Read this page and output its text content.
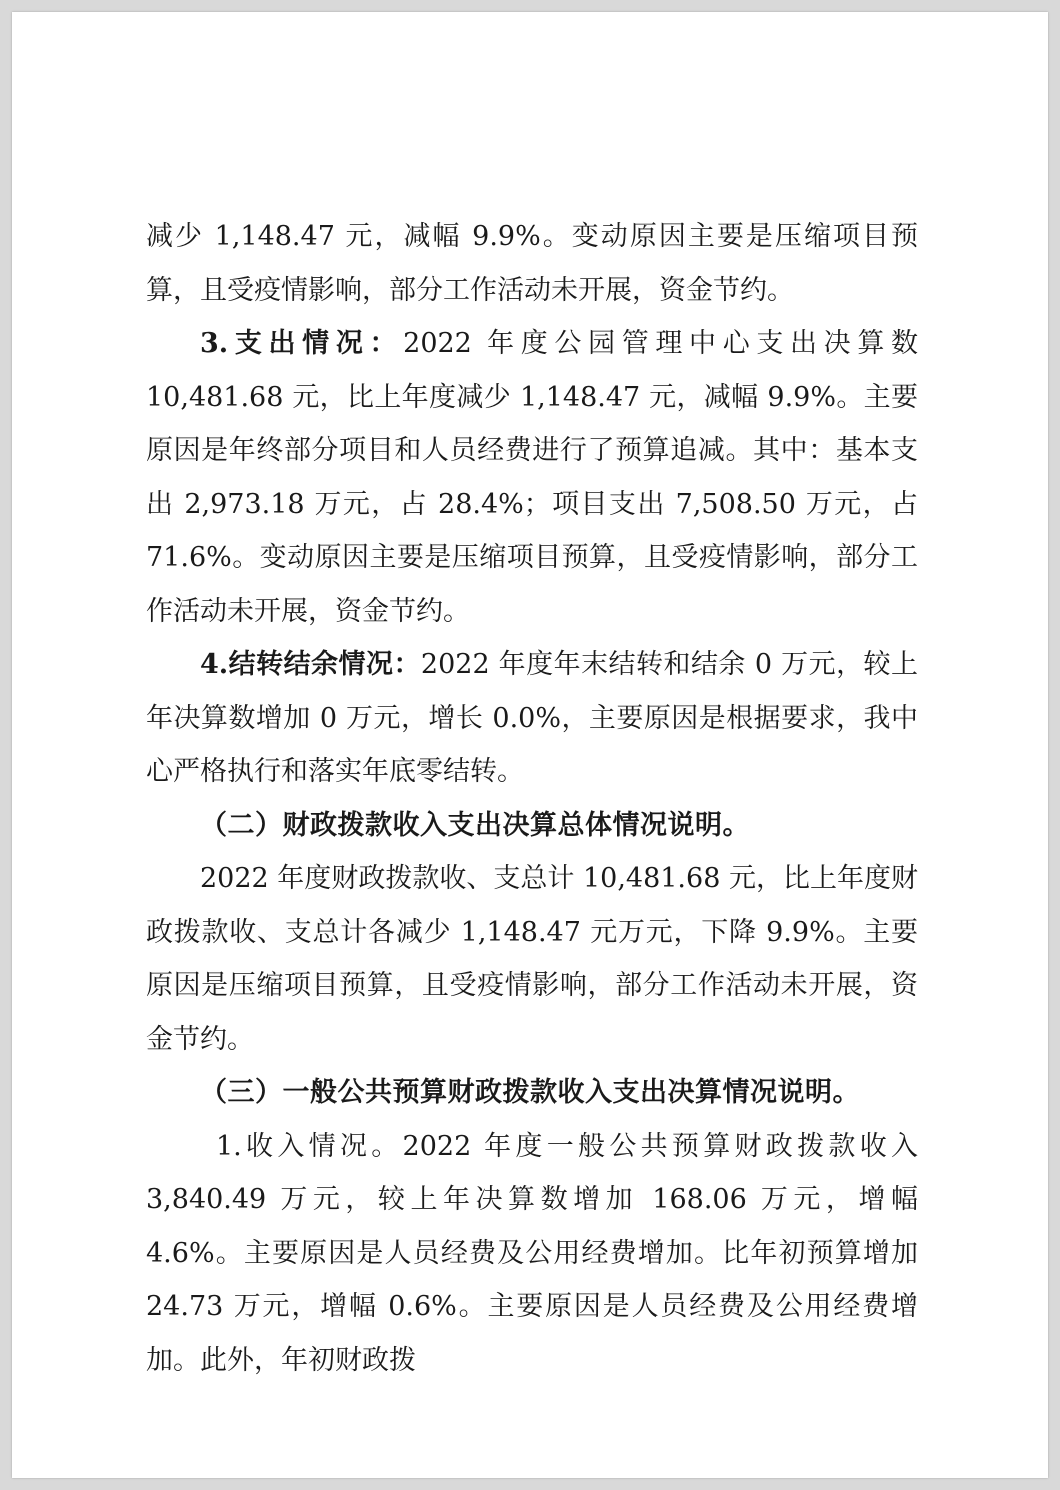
减少 1,148.47 元，减幅 9.9%。变动原因主要是压缩项目预算，且受疫情影响，部分工作活动未开展，资金节约。

3.支出情况：2022 年度公园管理中心支出决算数 10,481.68 元，比上年度减少 1,148.47 元，减幅 9.9%。主要原因是年终部分项目和人员经费进行了预算追减。其中：基本支出 2,973.18 万元，占 28.4%；项目支出 7,508.50 万元，占 71.6%。变动原因主要是压缩项目预算，且受疫情影响，部分工作活动未开展，资金节约。

4.结转结余情况：2022 年度年末结转和结余 0 万元，较上年决算数增加 0 万元，增长 0.0%，主要原因是根据要求，我中心严格执行和落实年底零结转。

（二）财政拨款收入支出决算总体情况说明。

2022 年度财政拨款收、支总计 10,481.68 元，比上年度财政拨款收、支总计各减少 1,148.47 元万元，下降 9.9%。主要原因是压缩项目预算，且受疫情影响，部分工作活动未开展，资金节约。

（三）一般公共预算财政拨款收入支出决算情况说明。

1.收入情况。2022 年度一般公共预算财政拨款收入 3,840.49 万元，较上年决算数增加 168.06 万元，增幅 4.6%。主要原因是人员经费及公用经费增加。比年初预算增加 24.73 万元，增幅 0.6%。主要原因是人员经费及公用经费增加。此外，年初财政拨
